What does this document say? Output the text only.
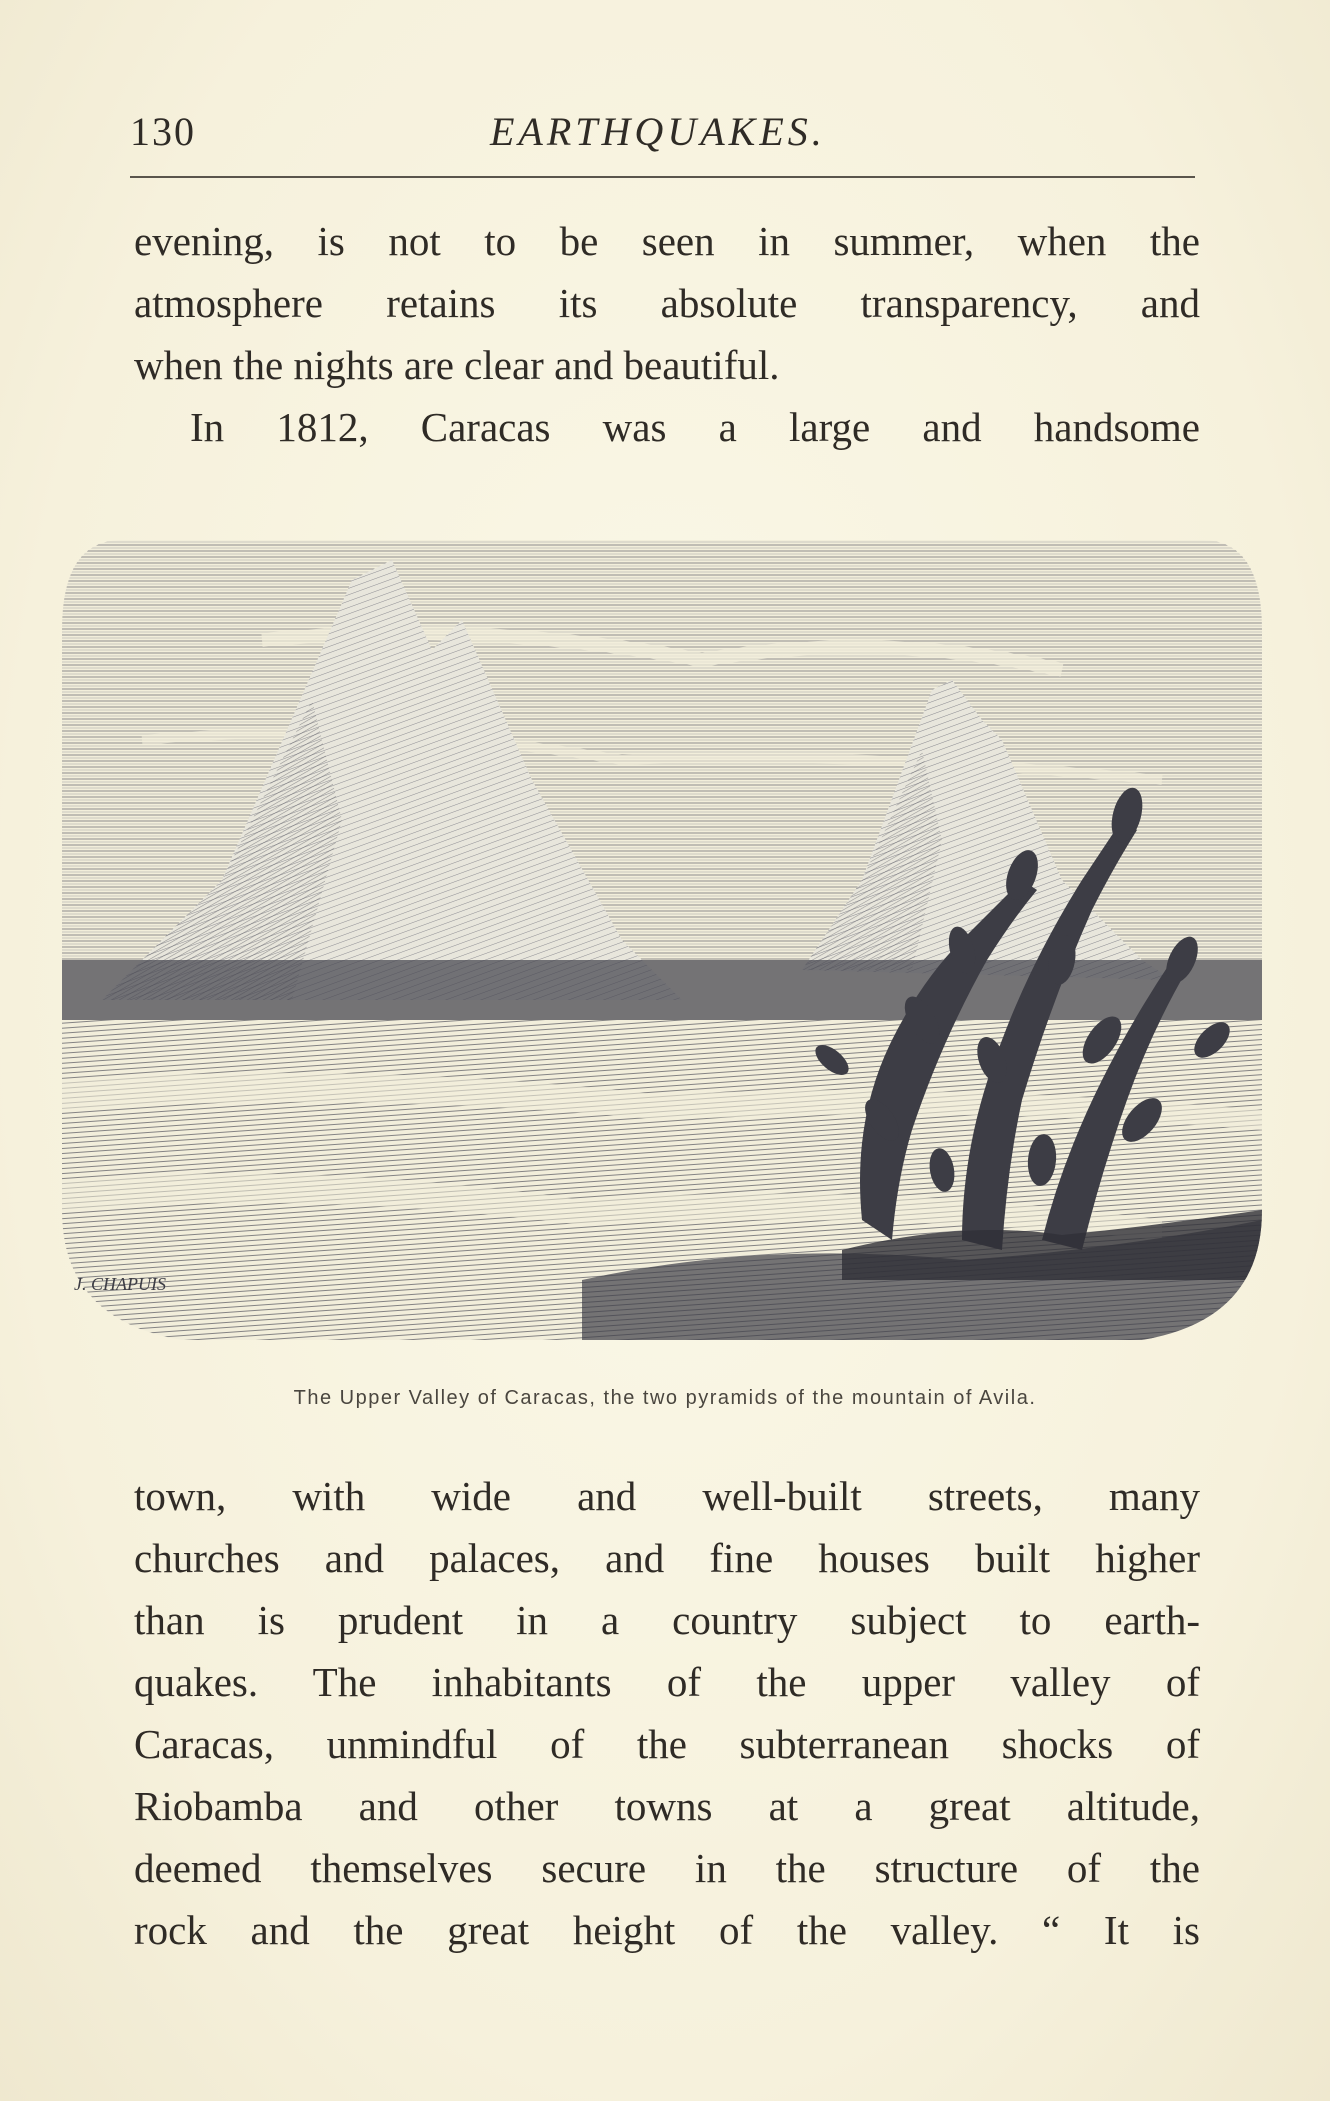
130	EARTHQUAKES.
evening, is not to be seen in summer, when the
atmosphere retains its absolute transparency, and
when the nights are clear and beautiful.
In 1812, Caracas was a large and handsome
J. CHAPUIS
The Upper Valley of Caracas, the two pyramids of the mountain of Avila.
town, with wide and well-built streets, many
churches and palaces, and fine houses built higher
than is prudent in a country subject to earth-
quakes. The inhabitants of the upper valley of
Caracas, unmindful of the subterranean shocks of
Riobamba and other towns at a great altitude,
deemed themselves secure in the structure of the
rock and the great height of the valley. “ It is
